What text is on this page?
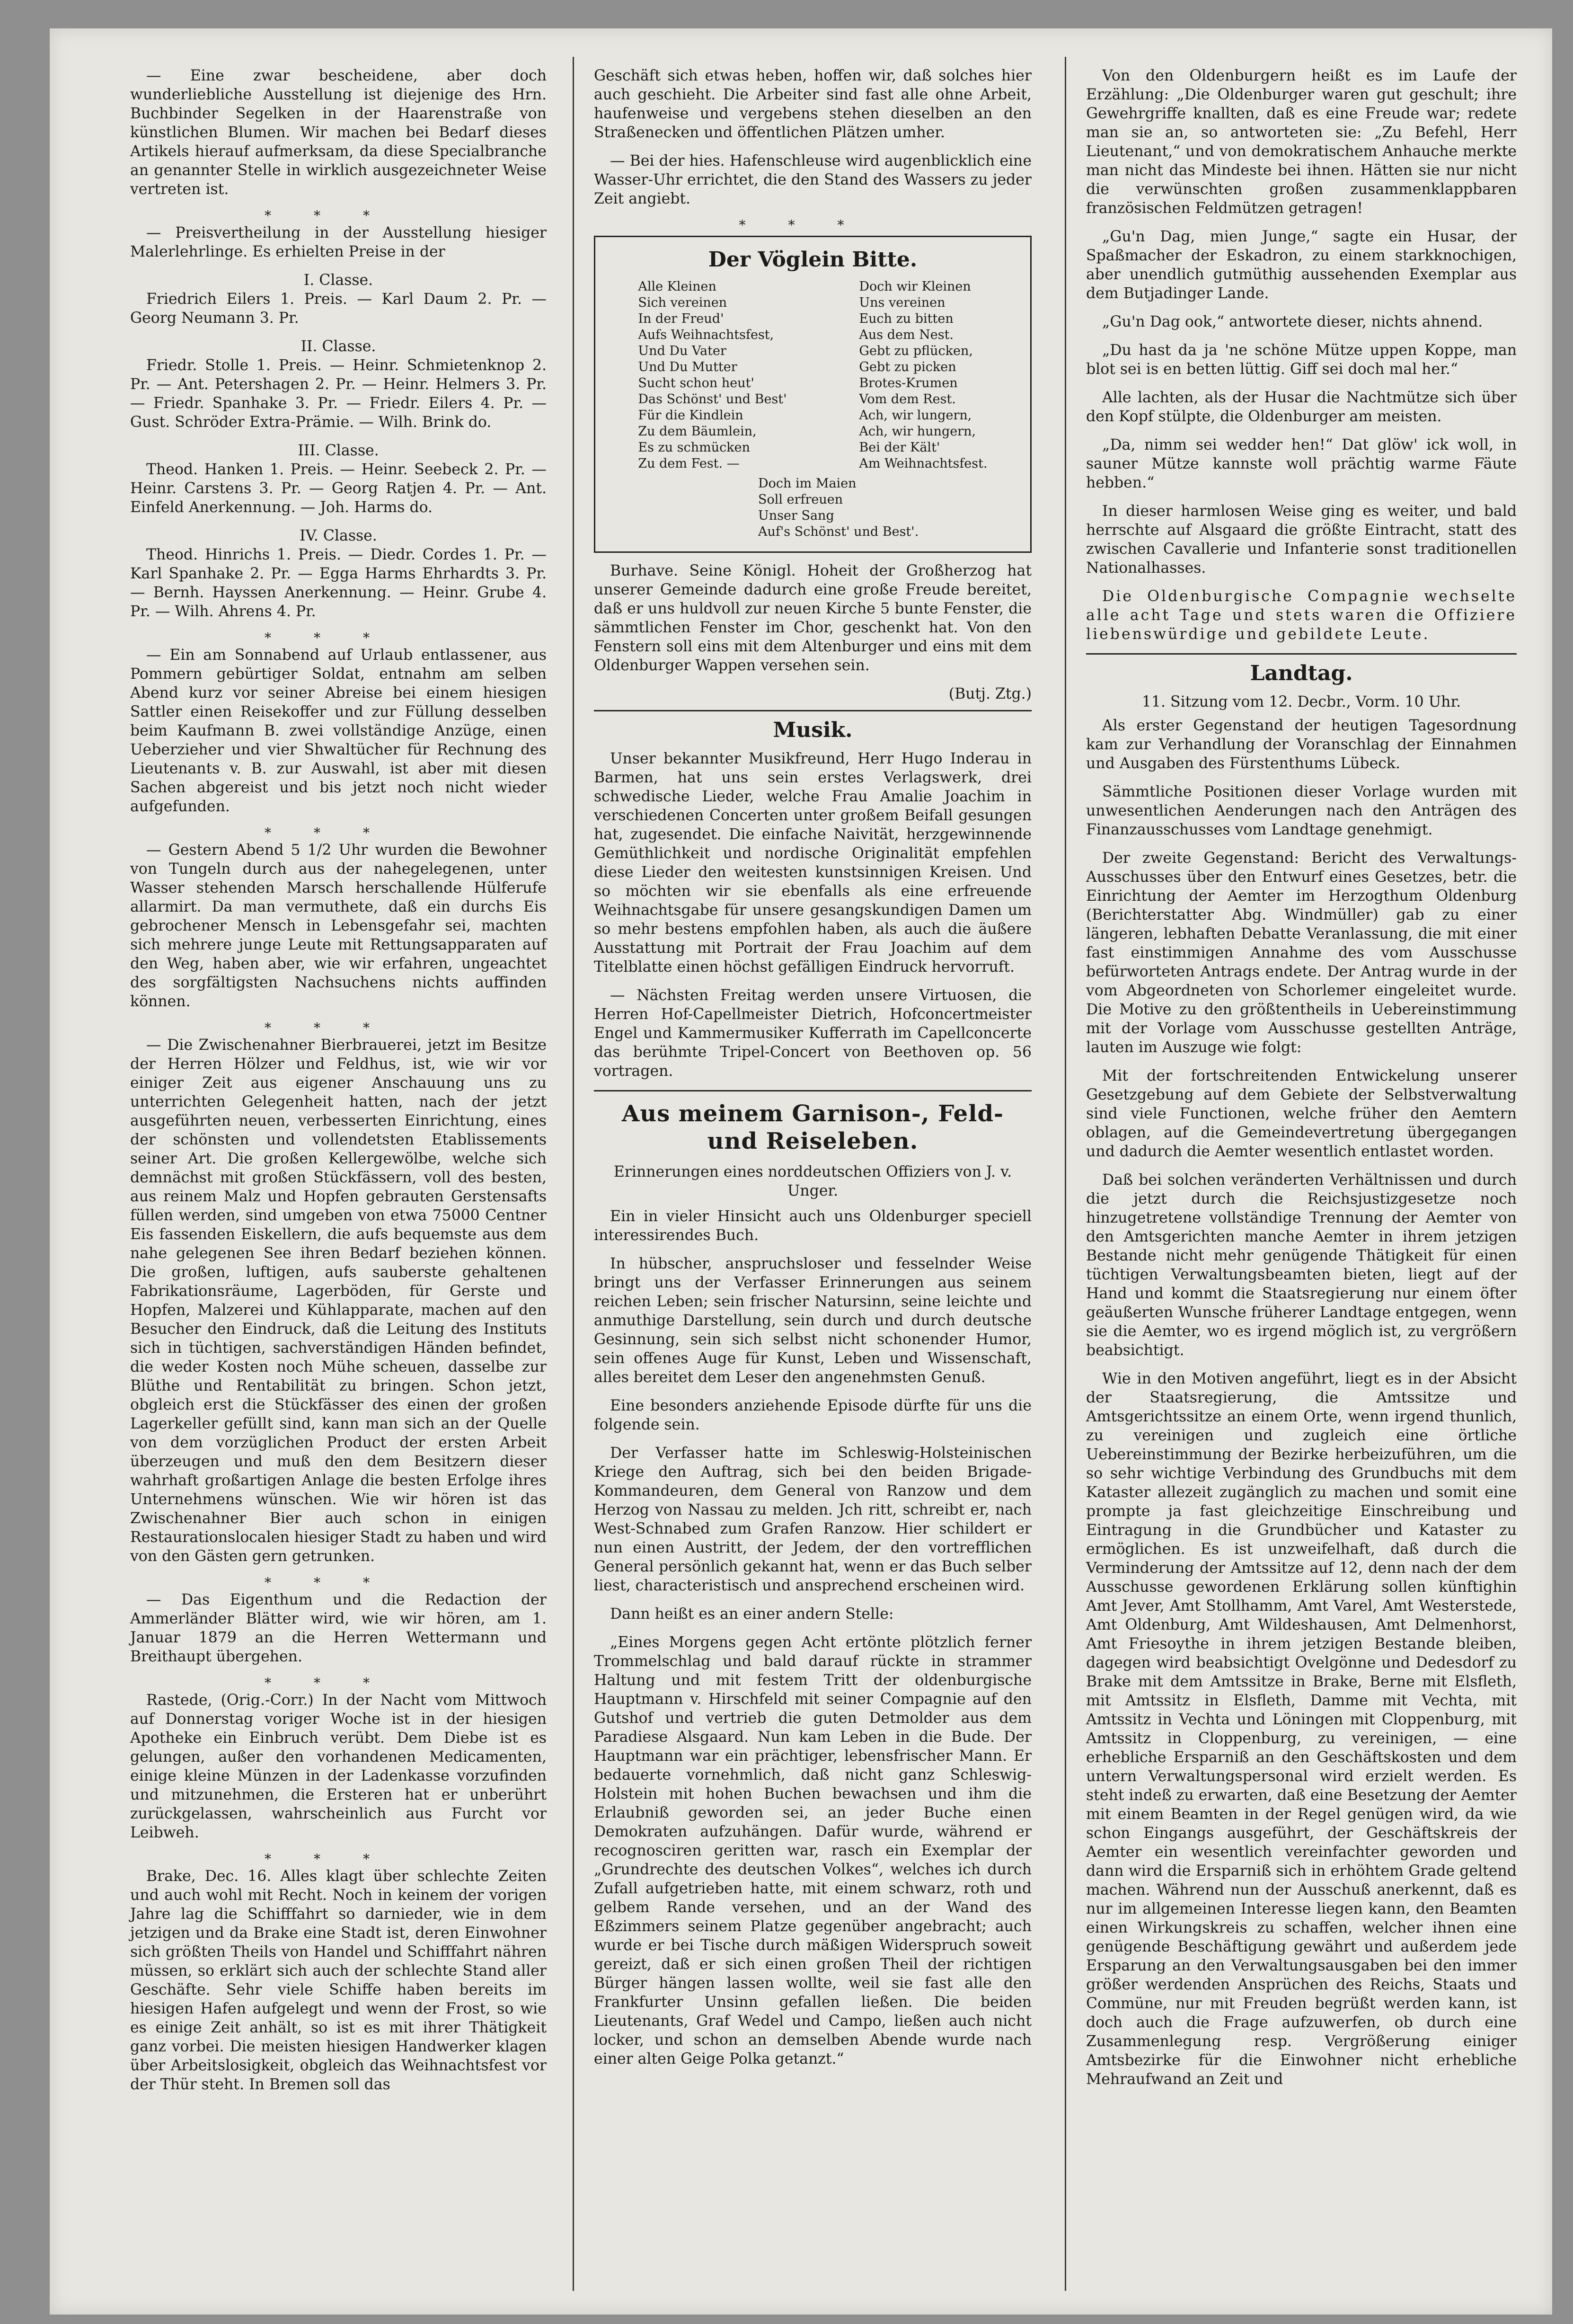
— Eine zwar bescheidene, aber doch wunderliebliche Ausstellung ist diejenige des Hrn. Buchbinder Segelken in der Haarenstraße von künstlichen Blumen. Wir machen bei Bedarf dieses Artikels hierauf aufmerksam, da diese Specialbranche an genannter Stelle in wirklich ausgezeichneter Weise vertreten ist.

***

— Preisvertheilung in der Ausstellung hiesiger Malerlehrlinge. Es erhielten Preise in der

I. Classe.

Friedrich Eilers 1. Preis. — Karl Daum 2. Pr. — Georg Neumann 3. Pr.

II. Classe.

Friedr. Stolle 1. Preis. — Heinr. Schmietenknop 2. Pr. — Ant. Petershagen 2. Pr. — Heinr. Helmers 3. Pr. — Friedr. Spanhake 3. Pr. — Friedr. Eilers 4. Pr. — Gust. Schröder Extra-Prämie. — Wilh. Brink do.

III. Classe.

Theod. Hanken 1. Preis. — Heinr. Seebeck 2. Pr. — Heinr. Carstens 3. Pr. — Georg Ratjen 4. Pr. — Ant. Einfeld Anerkennung. — Joh. Harms do.

IV. Classe.

Theod. Hinrichs 1. Preis. — Diedr. Cordes 1. Pr. — Karl Spanhake 2. Pr. — Egga Harms Ehrhardts 3. Pr. — Bernh. Hayssen Anerkennung. — Heinr. Grube 4. Pr. — Wilh. Ahrens 4. Pr.

***

— Ein am Sonnabend auf Urlaub entlassener, aus Pommern gebürtiger Soldat, entnahm am selben Abend kurz vor seiner Abreise bei einem hiesigen Sattler einen Reisekoffer und zur Füllung desselben beim Kaufmann B. zwei vollständige Anzüge, einen Ueberzieher und vier Shwaltücher für Rechnung des Lieutenants v. B. zur Auswahl, ist aber mit diesen Sachen abgereist und bis jetzt noch nicht wieder aufgefunden.

***

— Gestern Abend 5 1/2 Uhr wurden die Bewohner von Tungeln durch aus der nahegelegenen, unter Wasser stehenden Marsch herschallende Hülferufe allarmirt. Da man vermuthete, daß ein durchs Eis gebrochener Mensch in Lebensgefahr sei, machten sich mehrere junge Leute mit Rettungsapparaten auf den Weg, haben aber, wie wir erfahren, ungeachtet des sorgfältigsten Nachsuchens nichts auffinden können.

***

— Die Zwischenahner Bierbrauerei, jetzt im Besitze der Herren Hölzer und Feldhus, ist, wie wir vor einiger Zeit aus eigener Anschauung uns zu unterrichten Gelegenheit hatten, nach der jetzt ausgeführten neuen, verbesserten Einrichtung, eines der schönsten und vollendetsten Etablissements seiner Art. Die großen Kellergewölbe, welche sich demnächst mit großen Stückfässern, voll des besten, aus reinem Malz und Hopfen gebrauten Gerstensafts füllen werden, sind umgeben von etwa 75000 Centner Eis fassenden Eiskellern, die aufs bequemste aus dem nahe gelegenen See ihren Bedarf beziehen können. Die großen, luftigen, aufs sauberste gehaltenen Fabrikationsräume, Lagerböden, für Gerste und Hopfen, Malzerei und Kühlapparate, machen auf den Besucher den Eindruck, daß die Leitung des Instituts sich in tüchtigen, sachverständigen Händen befindet, die weder Kosten noch Mühe scheuen, dasselbe zur Blüthe und Rentabilität zu bringen. Schon jetzt, obgleich erst die Stückfässer des einen der großen Lagerkeller gefüllt sind, kann man sich an der Quelle von dem vorzüglichen Product der ersten Arbeit überzeugen und muß den dem Besitzern dieser wahrhaft großartigen Anlage die besten Erfolge ihres Unternehmens wünschen. Wie wir hören ist das Zwischenahner Bier auch schon in einigen Restaurationslocalen hiesiger Stadt zu haben und wird von den Gästen gern getrunken.

***

— Das Eigenthum und die Redaction der Ammerländer Blätter wird, wie wir hören, am 1. Januar 1879 an die Herren Wettermann und Breithaupt übergehen.

***

Rastede, (Orig.-Corr.) In der Nacht vom Mittwoch auf Donnerstag voriger Woche ist in der hiesigen Apotheke ein Einbruch verübt. Dem Diebe ist es gelungen, außer den vorhandenen Medicamenten, einige kleine Münzen in der Ladenkasse vorzufinden und mitzunehmen, die Ersteren hat er unberührt zurückgelassen, wahrscheinlich aus Furcht vor Leibweh.

***

Brake, Dec. 16. Alles klagt über schlechte Zeiten und auch wohl mit Recht. Noch in keinem der vorigen Jahre lag die Schifffahrt so darnieder, wie in dem jetzigen und da Brake eine Stadt ist, deren Einwohner sich größten Theils von Handel und Schifffahrt nähren müssen, so erklärt sich auch der schlechte Stand aller Geschäfte. Sehr viele Schiffe haben bereits im hiesigen Hafen aufgelegt und wenn der Frost, so wie es einige Zeit anhält, so ist es mit ihrer Thätigkeit ganz vorbei. Die meisten hiesigen Handwerker klagen über Arbeitslosigkeit, obgleich das Weihnachtsfest vor der Thür steht. In Bremen soll das

Geschäft sich etwas heben, hoffen wir, daß solches hier auch geschieht. Die Arbeiter sind fast alle ohne Arbeit, haufenweise und vergebens stehen dieselben an den Straßenecken und öffentlichen Plätzen umher.

— Bei der hies. Hafenschleuse wird augenblicklich eine Wasser-Uhr errichtet, die den Stand des Wassers zu jeder Zeit angiebt.

***

Der Vöglein Bitte.

Alle Kleinen
Sich vereinen
In der Freud'
Aufs Weihnachtsfest,
Und Du Vater
Und Du Mutter
Sucht schon heut'
Das Schönst' und Best'
Für die Kindlein
Zu dem Bäumlein,
Es zu schmücken
Zu dem Fest. —
Doch wir Kleinen
Uns vereinen
Euch zu bitten
Aus dem Nest.
Gebt zu pflücken,
Gebt zu picken
Brotes-Krumen
Vom dem Rest.
Ach, wir lungern,
Ach, wir hungern,
Bei der Kält'
Am Weihnachtsfest.
Doch im Maien
Soll erfreuen
Unser Sang
Auf's Schönst' und Best'.

Burhave. Seine Königl. Hoheit der Großherzog hat unserer Gemeinde dadurch eine große Freude bereitet, daß er uns huldvoll zur neuen Kirche 5 bunte Fenster, die sämmtlichen Fenster im Chor, geschenkt hat. Von den Fenstern soll eins mit dem Altenburger und eins mit dem Oldenburger Wappen versehen sein.

(Butj. Ztg.)

Musik.

Unser bekannter Musikfreund, Herr Hugo Inderau in Barmen, hat uns sein erstes Verlagswerk, drei schwedische Lieder, welche Frau Amalie Joachim in verschiedenen Concerten unter großem Beifall gesungen hat, zugesendet. Die einfache Naivität, herzgewinnende Gemüthlichkeit und nordische Originalität empfehlen diese Lieder den weitesten kunstsinnigen Kreisen. Und so möchten wir sie ebenfalls als eine erfreuende Weihnachtsgabe für unsere gesangskundigen Damen um so mehr bestens empfohlen haben, als auch die äußere Ausstattung mit Portrait der Frau Joachim auf dem Titelblatte einen höchst gefälligen Eindruck hervorruft.

— Nächsten Freitag werden unsere Virtuosen, die Herren Hof-Capellmeister Dietrich, Hofconcertmeister Engel und Kammermusiker Kufferrath im Capellconcerte das berühmte Tripel-Concert von Beethoven op. 56 vortragen.

Aus meinem Garnison-, Feld- und Reiseleben.

Erinnerungen eines norddeutschen Offiziers von J. v. Unger.

Ein in vieler Hinsicht auch uns Oldenburger speciell interessirendes Buch.

In hübscher, anspruchsloser und fesselnder Weise bringt uns der Verfasser Erinnerungen aus seinem reichen Leben; sein frischer Natursinn, seine leichte und anmuthige Darstellung, sein durch und durch deutsche Gesinnung, sein sich selbst nicht schonender Humor, sein offenes Auge für Kunst, Leben und Wissenschaft, alles bereitet dem Leser den angenehmsten Genuß.

Eine besonders anziehende Episode dürfte für uns die folgende sein.

Der Verfasser hatte im Schleswig-Holsteinischen Kriege den Auftrag, sich bei den beiden Brigade-Kommandeuren, dem General von Ranzow und dem Herzog von Nassau zu melden. Jch ritt, schreibt er, nach West-Schnabed zum Grafen Ranzow. Hier schildert er nun einen Austritt, der Jedem, der den vortrefflichen General persönlich gekannt hat, wenn er das Buch selber liest, characteristisch und ansprechend erscheinen wird.

Dann heißt es an einer andern Stelle:

„Eines Morgens gegen Acht ertönte plötzlich ferner Trommelschlag und bald darauf rückte in strammer Haltung und mit festem Tritt der oldenburgische Hauptmann v. Hirschfeld mit seiner Compagnie auf den Gutshof und vertrieb die guten Detmolder aus dem Paradiese Alsgaard. Nun kam Leben in die Bude. Der Hauptmann war ein prächtiger, lebensfrischer Mann. Er bedauerte vornehmlich, daß nicht ganz Schleswig-Holstein mit hohen Buchen bewachsen und ihm die Erlaubniß geworden sei, an jeder Buche einen Demokraten aufzuhängen. Dafür wurde, während er recognosciren geritten war, rasch ein Exemplar der „Grundrechte des deutschen Volkes“, welches ich durch Zufall aufgetrieben hatte, mit einem schwarz, roth und gelbem Rande versehen, und an der Wand des Eßzimmers seinem Platze gegenüber angebracht; auch wurde er bei Tische durch mäßigen Widerspruch soweit gereizt, daß er sich einen großen Theil der richtigen Bürger hängen lassen wollte, weil sie fast alle den Frankfurter Unsinn gefallen ließen. Die beiden Lieutenants, Graf Wedel und Campo, ließen auch nicht locker, und schon an demselben Abende wurde nach einer alten Geige Polka getanzt.“

Von den Oldenburgern heißt es im Laufe der Erzählung: „Die Oldenburger waren gut geschult; ihre Gewehrgriffe knallten, daß es eine Freude war; redete man sie an, so antworteten sie: „Zu Befehl, Herr Lieutenant,“ und von demokratischem Anhauche merkte man nicht das Mindeste bei ihnen. Hätten sie nur nicht die verwünschten großen zusammenklappbaren französischen Feldmützen getragen!

„Gu'n Dag, mien Junge,“ sagte ein Husar, der Spaßmacher der Eskadron, zu einem starkknochigen, aber unendlich gutmüthig aussehenden Exemplar aus dem Butjadinger Lande.

„Gu'n Dag ook,“ antwortete dieser, nichts ahnend.

„Du hast da ja 'ne schöne Mütze uppen Koppe, man blot sei is en betten lüttig. Giff sei doch mal her.“

Alle lachten, als der Husar die Nachtmütze sich über den Kopf stülpte, die Oldenburger am meisten.

„Da, nimm sei wedder hen!“ Dat glöw' ick woll, in sauner Mütze kannste woll prächtig warme Fäute hebben.“

In dieser harmlosen Weise ging es weiter, und bald herrschte auf Alsgaard die größte Eintracht, statt des zwischen Cavallerie und Infanterie sonst traditionellen Nationalhasses.

Die Oldenburgische Compagnie wechselte alle acht Tage und stets waren die Offiziere liebenswürdige und gebildete Leute.

Landtag.

11. Sitzung vom 12. Decbr., Vorm. 10 Uhr.

Als erster Gegenstand der heutigen Tagesordnung kam zur Verhandlung der Voranschlag der Einnahmen und Ausgaben des Fürstenthums Lübeck.

Sämmtliche Positionen dieser Vorlage wurden mit unwesentlichen Aenderungen nach den Anträgen des Finanzausschusses vom Landtage genehmigt.

Der zweite Gegenstand: Bericht des Verwaltungs-Ausschusses über den Entwurf eines Gesetzes, betr. die Einrichtung der Aemter im Herzogthum Oldenburg (Berichterstatter Abg. Windmüller) gab zu einer längeren, lebhaften Debatte Veranlassung, die mit einer fast einstimmigen Annahme des vom Ausschusse befürworteten Antrags endete. Der Antrag wurde in der vom Abgeordneten von Schorlemer eingeleitet wurde. Die Motive zu den größtentheils in Uebereinstimmung mit der Vorlage vom Ausschusse gestellten Anträge, lauten im Auszuge wie folgt:

Mit der fortschreitenden Entwickelung unserer Gesetzgebung auf dem Gebiete der Selbstverwaltung sind viele Functionen, welche früher den Aemtern oblagen, auf die Gemeindevertretung übergegangen und dadurch die Aemter wesentlich entlastet worden.

Daß bei solchen veränderten Verhältnissen und durch die jetzt durch die Reichsjustizgesetze noch hinzugetretene vollständige Trennung der Aemter von den Amtsgerichten manche Aemter in ihrem jetzigen Bestande nicht mehr genügende Thätigkeit für einen tüchtigen Verwaltungsbeamten bieten, liegt auf der Hand und kommt die Staatsregierung nur einem öfter geäußerten Wunsche früherer Landtage entgegen, wenn sie die Aemter, wo es irgend möglich ist, zu vergrößern beabsichtigt.

Wie in den Motiven angeführt, liegt es in der Absicht der Staatsregierung, die Amtssitze und Amtsgerichtssitze an einem Orte, wenn irgend thunlich, zu vereinigen und zugleich eine örtliche Uebereinstimmung der Bezirke herbeizuführen, um die so sehr wichtige Verbindung des Grundbuchs mit dem Kataster allezeit zugänglich zu machen und somit eine prompte ja fast gleichzeitige Einschreibung und Eintragung in die Grundbücher und Kataster zu ermöglichen. Es ist unzweifelhaft, daß durch die Verminderung der Amtssitze auf 12, denn nach der dem Ausschusse gewordenen Erklärung sollen künftighin Amt Jever, Amt Stollhamm, Amt Varel, Amt Westerstede, Amt Oldenburg, Amt Wildeshausen, Amt Delmenhorst, Amt Friesoythe in ihrem jetzigen Bestande bleiben, dagegen wird beabsichtigt Ovelgönne und Dedesdorf zu Brake mit dem Amtssitze in Brake, Berne mit Elsfleth, mit Amtssitz in Elsfleth, Damme mit Vechta, mit Amtssitz in Vechta und Löningen mit Cloppenburg, mit Amtssitz in Cloppenburg, zu vereinigen, — eine erhebliche Ersparniß an den Geschäftskosten und dem untern Verwaltungspersonal wird erzielt werden. Es steht indeß zu erwarten, daß eine Besetzung der Aemter mit einem Beamten in der Regel genügen wird, da wie schon Eingangs ausgeführt, der Geschäftskreis der Aemter ein wesentlich vereinfachter geworden und dann wird die Ersparniß sich in erhöhtem Grade geltend machen. Während nun der Ausschuß anerkennt, daß es nur im allgemeinen Interesse liegen kann, den Beamten einen Wirkungskreis zu schaffen, welcher ihnen eine genügende Beschäftigung gewährt und außerdem jede Ersparung an den Verwaltungsausgaben bei den immer größer werdenden Ansprüchen des Reichs, Staats und Commüne, nur mit Freuden begrüßt werden kann, ist doch auch die Frage aufzuwerfen, ob durch eine Zusammenlegung resp. Vergrößerung einiger Amtsbezirke für die Einwohner nicht erhebliche Mehraufwand an Zeit und
